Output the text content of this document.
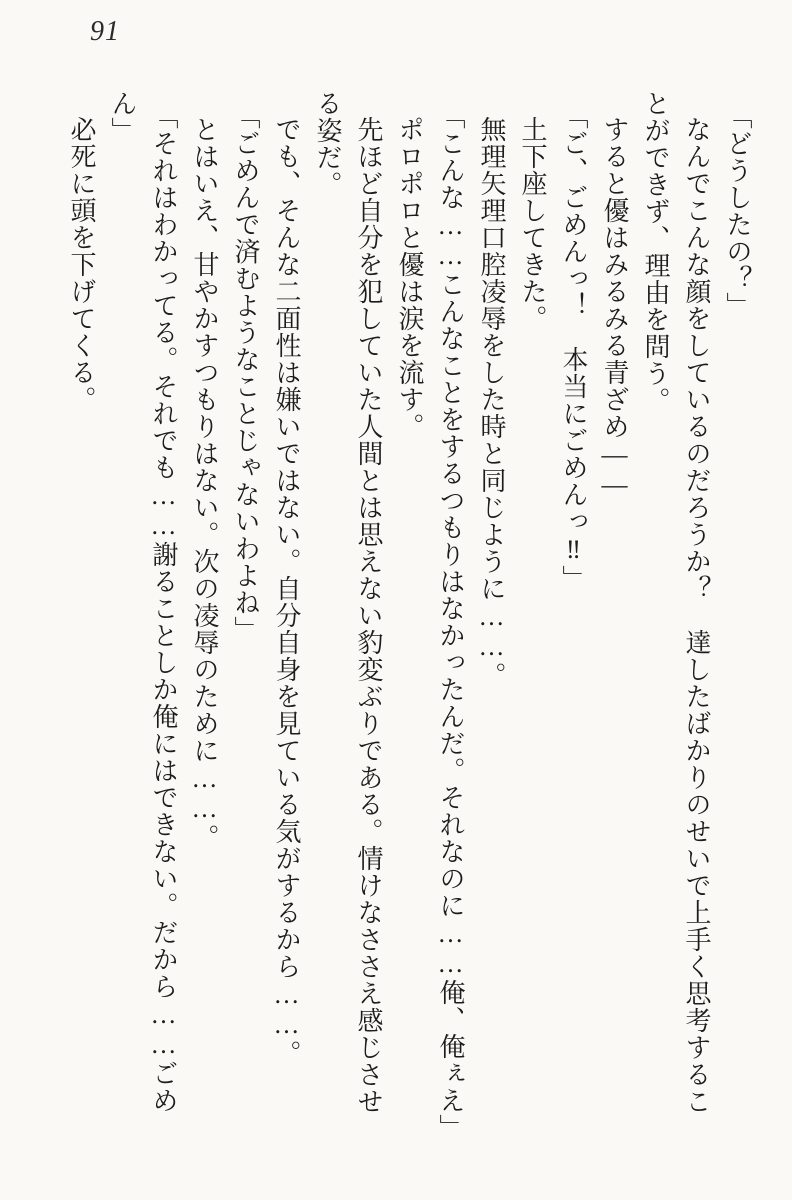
91
「どうしたの？」
なんでこんな顔をしているのだろうか？　達したばかりのせいで上手く思考するこ
とができず、理由を問う。
すると優はみるみる青ざめ――
「ご、ごめんっ！　本当にごめんっ‼」
土下座してきた。
無理矢理口腔凌辱をした時と同じように……。
「こんな……こんなことをするつもりはなかったんだ。それなのに……俺、俺ぇえ」
ポロポロと優は涙を流す。
先ほど自分を犯していた人間とは思えない豹変ぶりである。情けなささえ感じさせ
る姿だ。
でも、そんな二面性は嫌いではない。自分自身を見ている気がするから……。
「ごめんで済むようなことじゃないわよね」
とはいえ、甘やかすつもりはない。次の凌辱のために……。
「それはわかってる。それでも……謝ることしか俺にはできない。だから……ごめ
ん」
必死に頭を下げてくる。
